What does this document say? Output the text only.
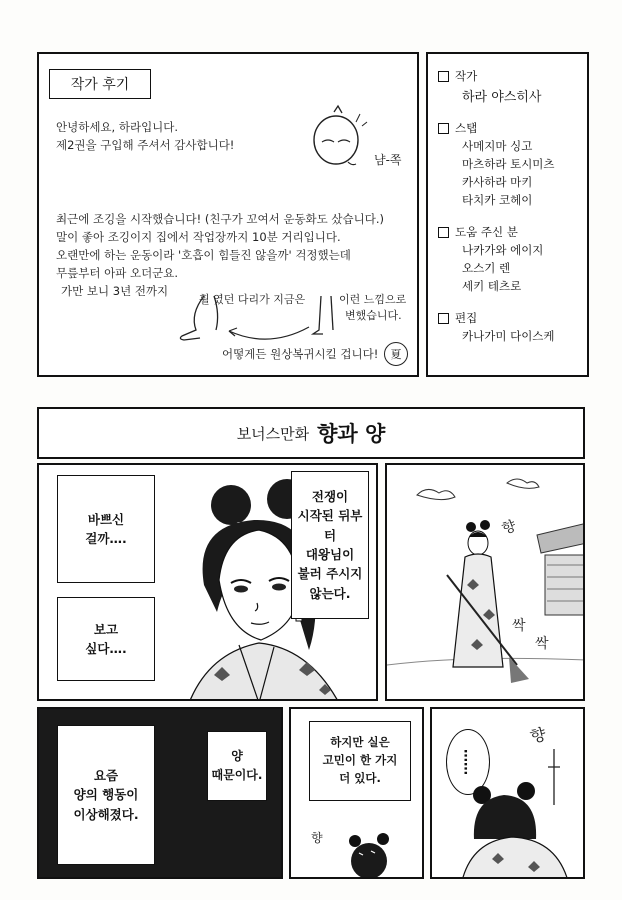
작가 후기
안녕하세요, 하라입니다.
제2권을 구입해 주셔서 감사합니다!
냠-쪽
최근에 조깅을 시작했습니다! (친구가 꼬여서 운동화도 샀습니다.)
말이 좋아 조깅이지 집에서 작업장까지 10분 거리입니다.
오랜만에 하는 운동이라 '호흡이 힘들진 않을까' 걱정했는데
무릎부터 아파 오더군요.
가만 보니 3년 전까지
휠 였던 다리가 지금은	이런 느낌으로
변했습니다.
어떻게든 원상복귀시킬 겁니다! 夏
작가
하라 야스히사
스탭
사메지마 싱고
마츠하라 토시미츠
카사하라 마키
타치카 코헤이
도움 주신 분
나카가와 에이지
오스기 렌
세키 테츠로
편집
카나가미 다이스케
보너스만화 향과 양
바쁘신
걸까….
보고
싶다….
전쟁이
시작된 뒤부터
대왕님이
불러 주시지
않는다.
향
싹
싹
요즘
양의 행동이
이상해졌다.
양
때문이다.
하지만 실은
고민이 한 가지
더 있다.
향
……
향
